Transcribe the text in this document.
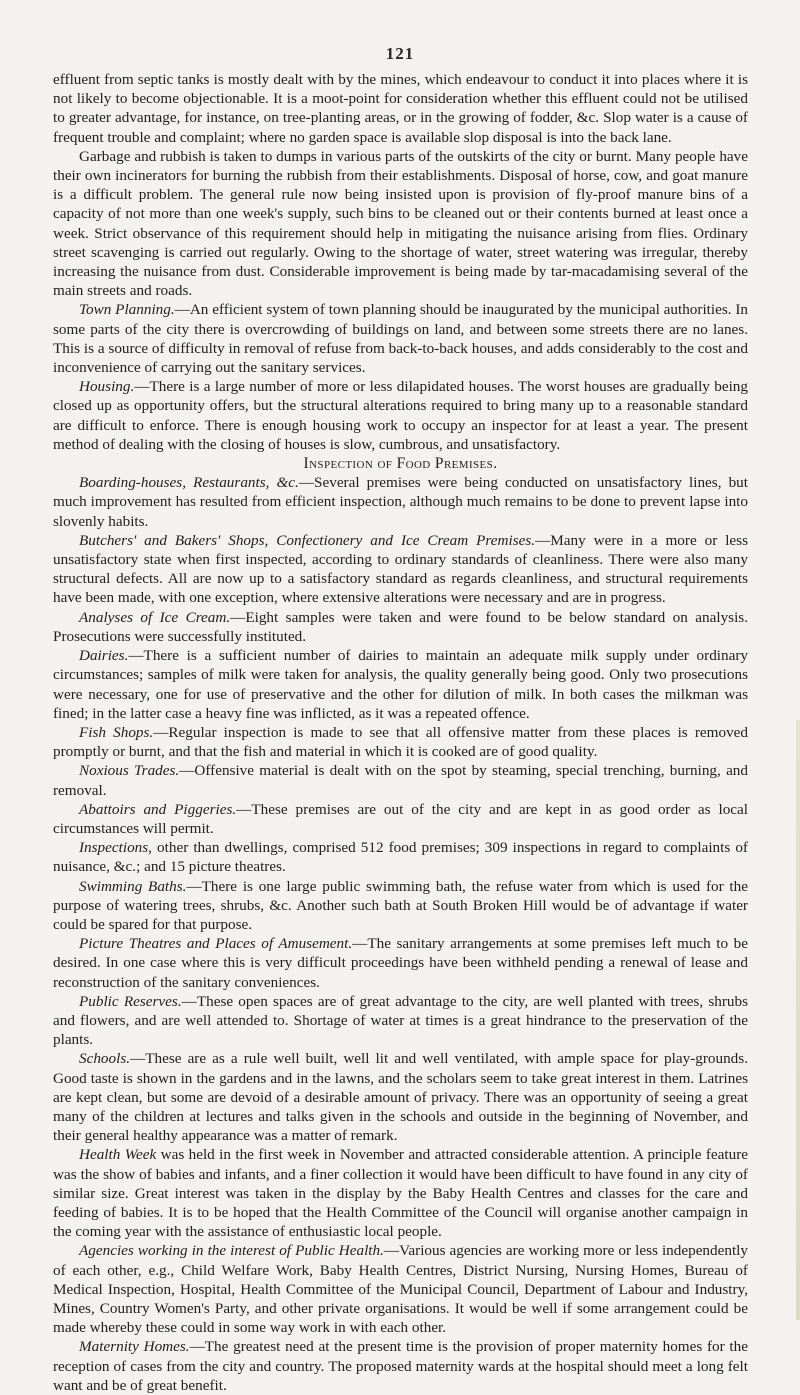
121

effluent from septic tanks is mostly dealt with by the mines, which endeavour to conduct it into places where it is not likely to become objectionable. It is a moot-point for consideration whether this effluent could not be utilised to greater advantage, for instance, on tree-planting areas, or in the growing of fodder, &c. Slop water is a cause of frequent trouble and complaint; where no garden space is available slop disposal is into the back lane.

Garbage and rubbish is taken to dumps in various parts of the outskirts of the city or burnt. Many people have their own incinerators for burning the rubbish from their establishments. Disposal of horse, cow, and goat manure is a difficult problem. The general rule now being insisted upon is provision of fly-proof manure bins of a capacity of not more than one week's supply, such bins to be cleaned out or their contents burned at least once a week. Strict observance of this requirement should help in mitigating the nuisance arising from flies. Ordinary street scavenging is carried out regularly. Owing to the shortage of water, street watering was irregular, thereby increasing the nuisance from dust. Considerable improvement is being made by tar-macadamising several of the main streets and roads.

Town Planning.—An efficient system of town planning should be inaugurated by the municipal authorities. In some parts of the city there is overcrowding of buildings on land, and between some streets there are no lanes. This is a source of difficulty in removal of refuse from back-to-back houses, and adds considerably to the cost and inconvenience of carrying out the sanitary services.

Housing.—There is a large number of more or less dilapidated houses. The worst houses are gradually being closed up as opportunity offers, but the structural alterations required to bring many up to a reasonable standard are difficult to enforce. There is enough housing work to occupy an inspector for at least a year. The present method of dealing with the closing of houses is slow, cumbrous, and unsatisfactory.

Inspection of Food Premises.

Boarding-houses, Restaurants, &c.—Several premises were being conducted on unsatisfactory lines, but much improvement has resulted from efficient inspection, although much remains to be done to prevent lapse into slovenly habits.

Butchers' and Bakers' Shops, Confectionery and Ice Cream Premises.—Many were in a more or less unsatisfactory state when first inspected, according to ordinary standards of cleanliness. There were also many structural defects. All are now up to a satisfactory standard as regards cleanliness, and structural requirements have been made, with one exception, where extensive alterations were necessary and are in progress.

Analyses of Ice Cream.—Eight samples were taken and were found to be below standard on analysis. Prosecutions were successfully instituted.

Dairies.—There is a sufficient number of dairies to maintain an adequate milk supply under ordinary circumstances; samples of milk were taken for analysis, the quality generally being good. Only two prosecutions were necessary, one for use of preservative and the other for dilution of milk. In both cases the milkman was fined; in the latter case a heavy fine was inflicted, as it was a repeated offence.

Fish Shops.—Regular inspection is made to see that all offensive matter from these places is removed promptly or burnt, and that the fish and material in which it is cooked are of good quality.

Noxious Trades.—Offensive material is dealt with on the spot by steaming, special trenching, burning, and removal.

Abattoirs and Piggeries.—These premises are out of the city and are kept in as good order as local circumstances will permit.

Inspections, other than dwellings, comprised 512 food premises; 309 inspections in regard to complaints of nuisance, &c.; and 15 picture theatres.

Swimming Baths.—There is one large public swimming bath, the refuse water from which is used for the purpose of watering trees, shrubs, &c. Another such bath at South Broken Hill would be of advantage if water could be spared for that purpose.

Picture Theatres and Places of Amusement.—The sanitary arrangements at some premises left much to be desired. In one case where this is very difficult proceedings have been withheld pending a renewal of lease and reconstruction of the sanitary conveniences.

Public Reserves.—These open spaces are of great advantage to the city, are well planted with trees, shrubs and flowers, and are well attended to. Shortage of water at times is a great hindrance to the preservation of the plants.

Schools.—These are as a rule well built, well lit and well ventilated, with ample space for play-grounds. Good taste is shown in the gardens and in the lawns, and the scholars seem to take great interest in them. Latrines are kept clean, but some are devoid of a desirable amount of privacy. There was an opportunity of seeing a great many of the children at lectures and talks given in the schools and outside in the beginning of November, and their general healthy appearance was a matter of remark.

Health Week was held in the first week in November and attracted considerable attention. A principle feature was the show of babies and infants, and a finer collection it would have been difficult to have found in any city of similar size. Great interest was taken in the display by the Baby Health Centres and classes for the care and feeding of babies. It is to be hoped that the Health Committee of the Council will organise another campaign in the coming year with the assistance of enthusiastic local people.

Agencies working in the interest of Public Health.—Various agencies are working more or less independently of each other, e.g., Child Welfare Work, Baby Health Centres, District Nursing, Nursing Homes, Bureau of Medical Inspection, Hospital, Health Committee of the Municipal Council, Department of Labour and Industry, Mines, Country Women's Party, and other private organisations. It would be well if some arrangement could be made whereby these could in some way work in with each other.

Maternity Homes.—The greatest need at the present time is the provision of proper maternity homes for the reception of cases from the city and country. The proposed maternity wards at the hospital should meet a long felt want and be of great benefit.
